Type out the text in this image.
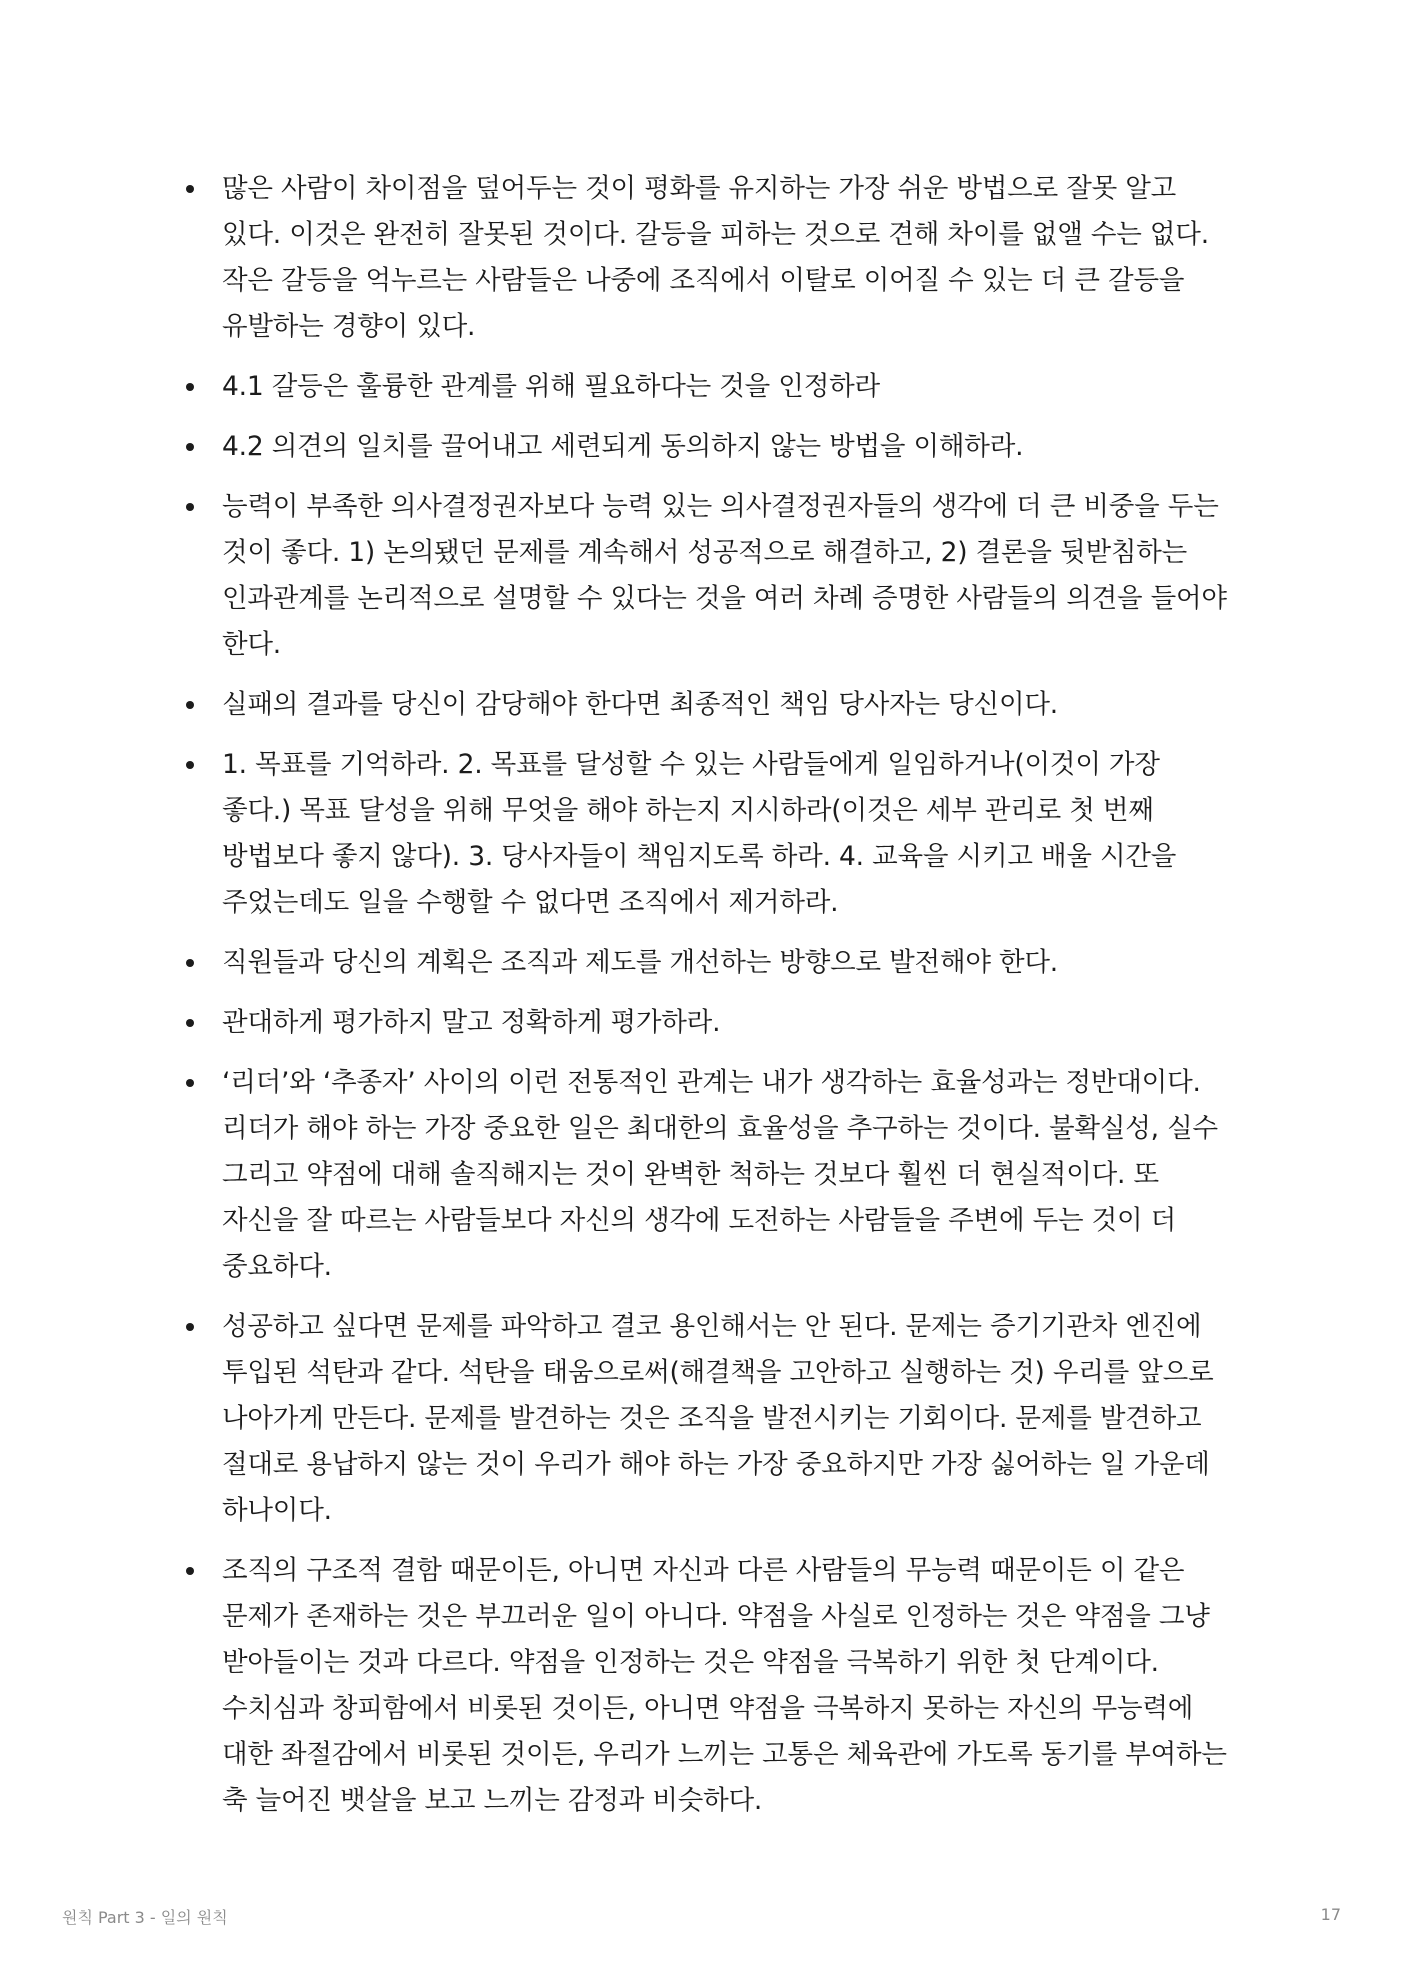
많은 사람이 차이점을 덮어두는 것이 평화를 유지하는 가장 쉬운 방법으로 잘못 알고 있다. 이것은 완전히 잘못된 것이다. 갈등을 피하는 것으로 견해 차이를 없앨 수는 없다. 작은 갈등을 억누르는 사람들은 나중에 조직에서 이탈로 이어질 수 있는 더 큰 갈등을 유발하는 경향이 있다.
4.1 갈등은 훌륭한 관계를 위해 필요하다는 것을 인정하라
4.2 의견의 일치를 끌어내고 세련되게 동의하지 않는 방법을 이해하라.
능력이 부족한 의사결정권자보다 능력 있는 의사결정권자들의 생각에 더 큰 비중을 두는 것이 좋다. 1) 논의됐던 문제를 계속해서 성공적으로 해결하고, 2) 결론을 뒷받침하는 인과관계를 논리적으로 설명할 수 있다는 것을 여러 차례 증명한 사람들의 의견을 들어야 한다.
실패의 결과를 당신이 감당해야 한다면 최종적인 책임 당사자는 당신이다.
1. 목표를 기억하라. 2. 목표를 달성할 수 있는 사람들에게 일임하거나(이것이 가장 좋다.) 목표 달성을 위해 무엇을 해야 하는지 지시하라(이것은 세부 관리로 첫 번째 방법보다 좋지 않다). 3. 당사자들이 책임지도록 하라. 4. 교육을 시키고 배울 시간을 주었는데도 일을 수행할 수 없다면 조직에서 제거하라.
직원들과 당신의 계획은 조직과 제도를 개선하는 방향으로 발전해야 한다.
관대하게 평가하지 말고 정확하게 평가하라.
‘리더’와 ‘추종자’ 사이의 이런 전통적인 관계는 내가 생각하는 효율성과는 정반대이다. 리더가 해야 하는 가장 중요한 일은 최대한의 효율성을 추구하는 것이다. 불확실성, 실수 그리고 약점에 대해 솔직해지는 것이 완벽한 척하는 것보다 훨씬 더 현실적이다. 또 자신을 잘 따르는 사람들보다 자신의 생각에 도전하는 사람들을 주변에 두는 것이 더 중요하다.
성공하고 싶다면 문제를 파악하고 결코 용인해서는 안 된다. 문제는 증기기관차 엔진에 투입된 석탄과 같다. 석탄을 태움으로써(해결책을 고안하고 실행하는 것) 우리를 앞으로 나아가게 만든다. 문제를 발견하는 것은 조직을 발전시키는 기회이다. 문제를 발견하고 절대로 용납하지 않는 것이 우리가 해야 하는 가장 중요하지만 가장 싫어하는 일 가운데 하나이다.
조직의 구조적 결함 때문이든, 아니면 자신과 다른 사람들의 무능력 때문이든 이 같은 문제가 존재하는 것은 부끄러운 일이 아니다. 약점을 사실로 인정하는 것은 약점을 그냥 받아들이는 것과 다르다. 약점을 인정하는 것은 약점을 극복하기 위한 첫 단계이다. 수치심과 창피함에서 비롯된 것이든, 아니면 약점을 극복하지 못하는 자신의 무능력에 대한 좌절감에서 비롯된 것이든, 우리가 느끼는 고통은 체육관에 가도록 동기를 부여하는 축 늘어진 뱃살을 보고 느끼는 감정과 비슷하다.
원칙 Part 3 - 일의 원칙	17
